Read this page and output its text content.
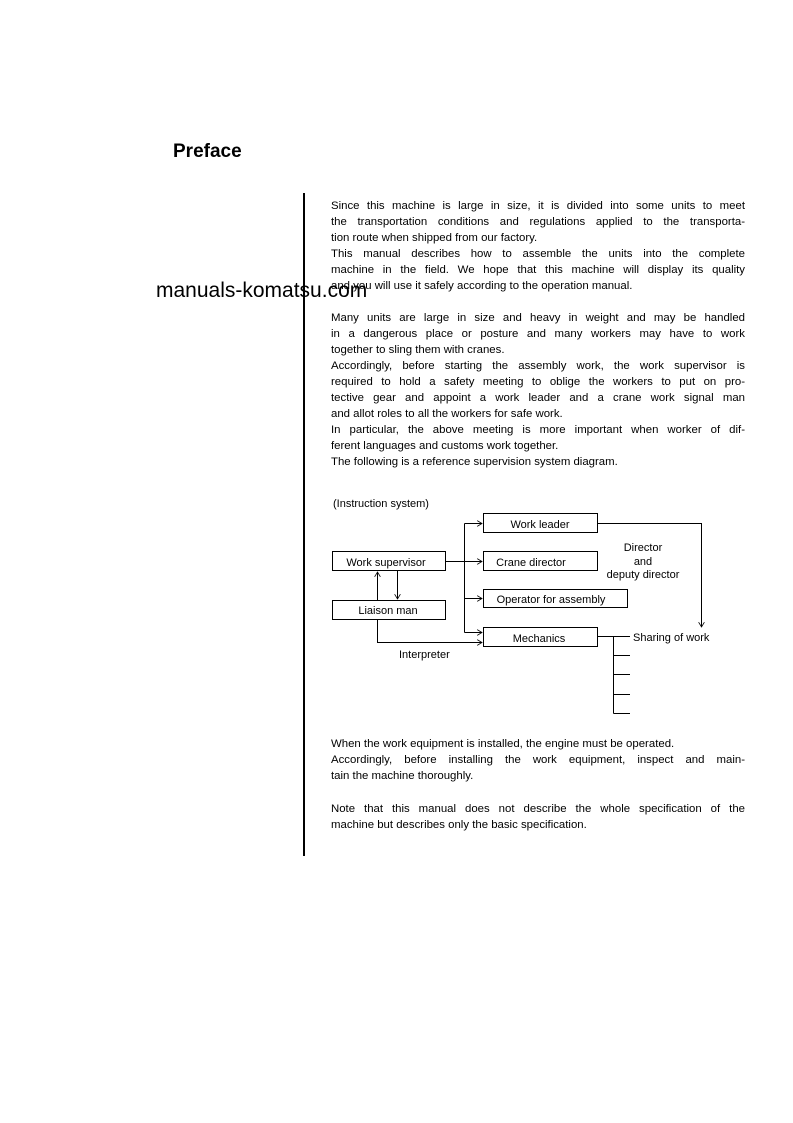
Preface
Since this machine is large in size, it is divided into some units to meet
the transportation conditions and regulations applied to the transporta-
tion route when shipped from our factory.
This manual describes how to assemble the units into the complete
machine in the field. We hope that this machine will display its quality
and you will use it safely according to the operation manual.
Many units are large in size and heavy in weight and may be handled
in a dangerous place or posture and many workers may have to work
together to sling them with cranes.
Accordingly, before starting the assembly work, the work supervisor is
required to hold a safety meeting to oblige the workers to put on pro-
tective gear and appoint a work leader and a crane work signal man
and allot roles to all the workers for safe work.
In particular, the above meeting is more important when worker of dif-
ferent languages and customs work together.
The following is a reference supervision system diagram.
(Instruction system)
Work leader
Crane director
Operator for assembly
Mechanics
Work supervisor
Liaison man
Director
and
deputy director
Sharing of work
Interpreter
When the work equipment is installed, the engine must be operated.
Accordingly, before installing the work equipment, inspect and main-
tain the machine thoroughly.
Note that this manual does not describe the whole specification of the
machine but describes only the basic specification.
manuals-komatsu.com
